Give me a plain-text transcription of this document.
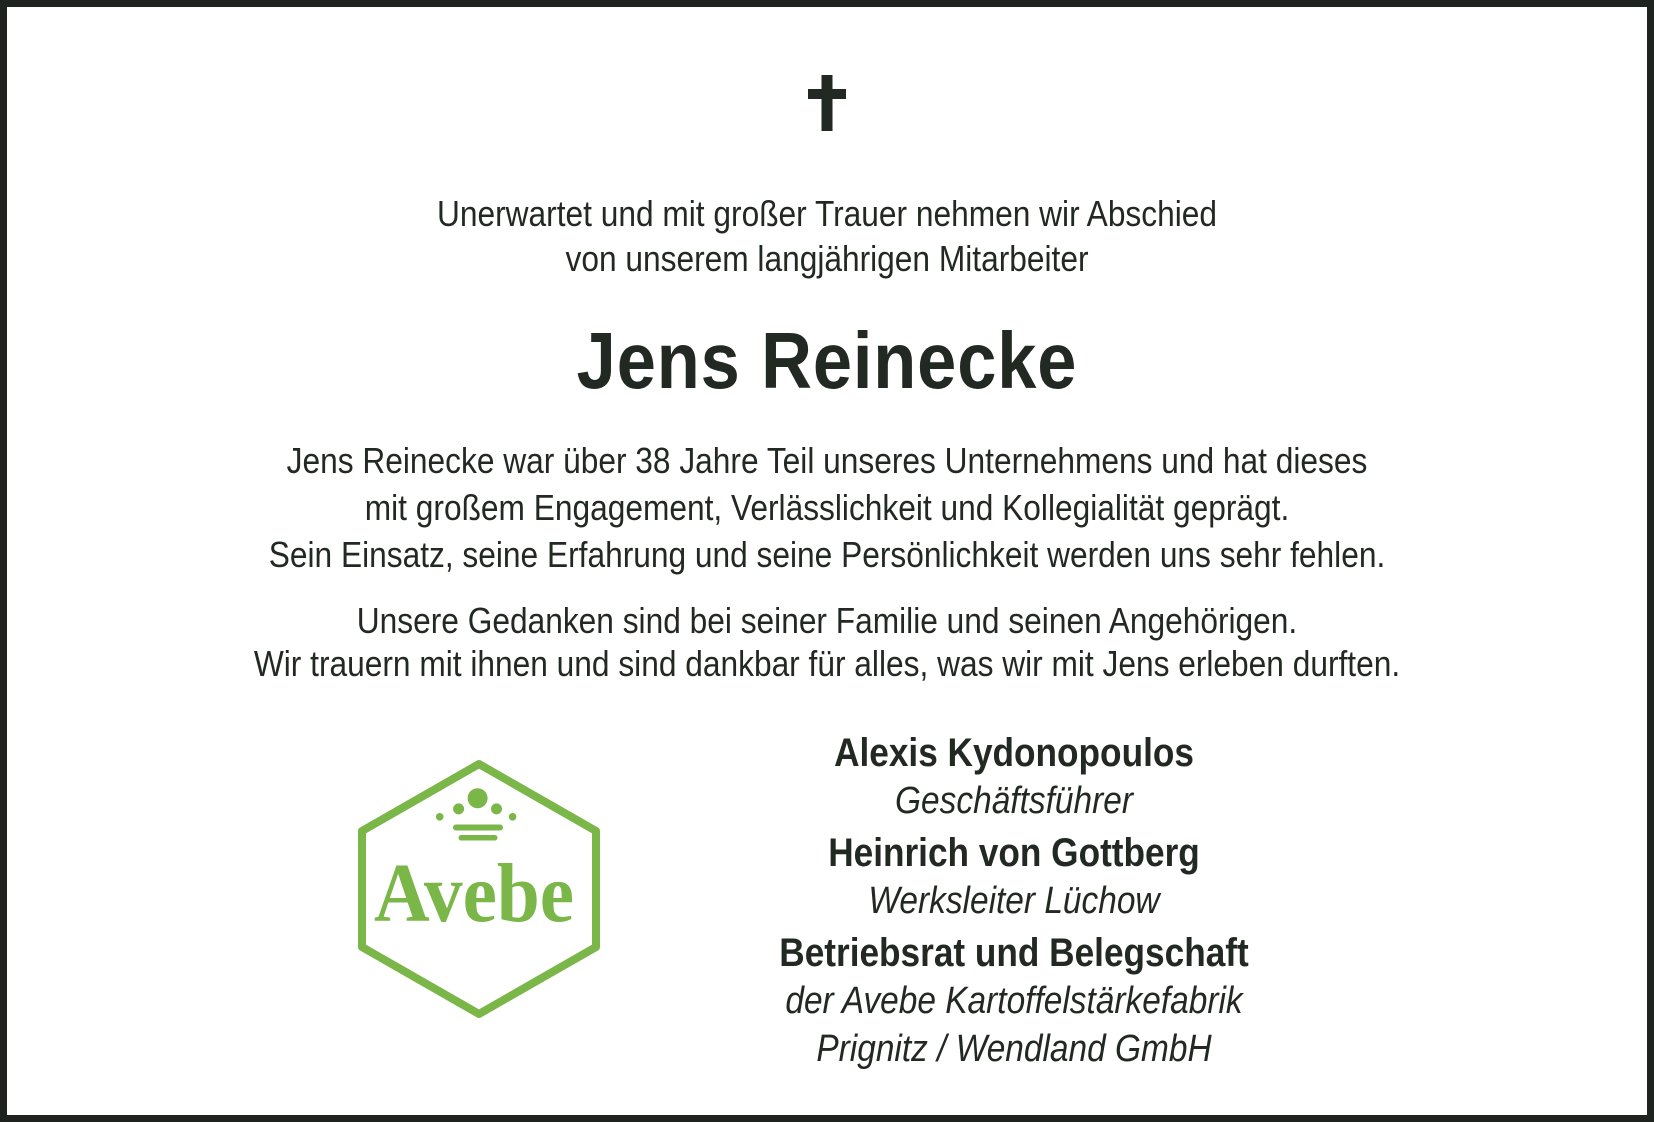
Unerwartet und mit großer Trauer nehmen wir Abschied
von unserem langjährigen Mitarbeiter
Jens Reinecke
Jens Reinecke war über 38 Jahre Teil unseres Unternehmens und hat dieses
mit großem Engagement, Verlässlichkeit und Kollegialität geprägt.
Sein Einsatz, seine Erfahrung und seine Persönlichkeit werden uns sehr fehlen.
Unsere Gedanken sind bei seiner Familie und seinen Angehörigen.
Wir trauern mit ihnen und sind dankbar für alles, was wir mit Jens erleben durften.
Avebe
Alexis Kydonopoulos
Geschäftsführer
Heinrich von Gottberg
Werksleiter Lüchow
Betriebsrat und Belegschaft
der Avebe Kartoffelstärkefabrik
Prignitz / Wendland GmbH
